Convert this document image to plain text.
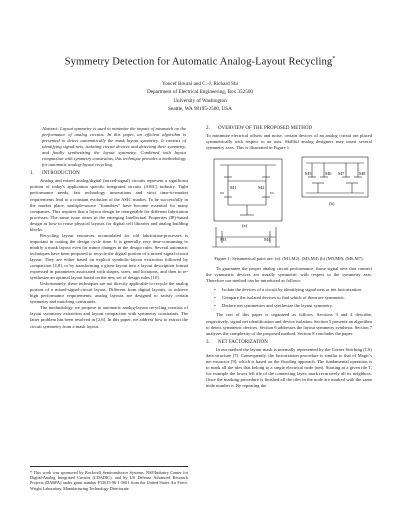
Symmetry Detection for Automatic Analog-Layout Recycling*
Youcef Bourai and C.-J. Richard Shi
Department of Electrical Engineering, Box 352500
University of Washington
Seattle, WA 98195-2500, USA
Abstract: Layout symmetry is used to minimize the impact of mismatch on the performance of analog circuits. In this paper, an efficient algorithm is presented to detect automatically the mask layout symmetry. It consists of identifying signal nets, isolating circuit devices and detecting their symmetry, and finally synthesizing the layout symmetry. Combined with layout compaction with symmetry constraints, this technique provides a methodology for automatic analog-layout recycling.
1. INTRODUCTION

Analog and mixed analog/digital (mixed-signal) circuits represent a significant portion of today's application specific integrated circuits (ASIC) industry. Tight performance needs, fast technology innovations and strict time-to-market requirements lead to a constant evolution of the ASIC market. To be successfully in the market place, multiple-source "foundries" have become essential for many companies. This requires that a layout design be retargetable for different fabrication processes. The same issue arises in the emerging Intellectual Properties (IP)-based design as how to reuse physical layouts for digital cell libraries and analog building blocks.

Recycling layout resources accumulated for old fabrication-processes is important in cutting the design cycle time. It is generally very time-consuming to modify a mask layout even for minor changes in the design rules. Several automatic techniques have been proposed to recycle the digital portion of a mixed-signal-circuit layout. They are either based on explicit symbolic-layout extraction followed by compaction [4,8], or by transforming a given layout into a layout description format expressed in parameters associated with shapes, sizes, and locations, and then to re-synthesize an optimal layout based on the new set of design rules [10].

Unfortunately, these techniques are not directly applicable to recycle the analog portion of a mixed-signal-circuit layout. Different from digital layouts, to achieve high performance requirements, analog layouts are designed to satisfy certain symmetry and matching constraints.

The methodology we propose to automatic analog-layout recycling consists of layout symmetry extraction and layout compaction with symmetry constraints. The latter problem has been resolved in [2,6]. In this paper, we address how to extract the circuit symmetry from a mask layout.

* This work was sponsored by Rockwell Semiconductor Systems, NSF/Industry Center for Digital-Analog Integrated Circuits (CDADIC), and by US Defense Advanced Research Projects (DARPA) under grant number F33615-96-1-5601 from the United States Air Force, Wright Laboratory, Manufacturing Technology Directorate.
2. OVERVIEW OF THE PROPOSED METHOD

To minimize electrical offsets and noise, certain devices of an analog circuit are placed symmetrically with respect to an axis. Skillful analog designers may insert several symmetry axes. This is illustrated in Figure 1.

M1	M2
M3	M4
M5	M6 M7	M8
(b)
(a)
Figure 1: Symmetrical pairs are: (a). (M1,M2), (M3,M4) (b) (M5,M8), (M6,M7).

To guarantee the proper analog circuit performance, those signal nets that connect the symmetric devices are usually symmetric with respect to the symmetry axis. Therefore our method can be introduced as follows:

• Isolate the devices of a circuit by identifying signal nets or net factorization.
• Compare the isolated devices to find which of them are symmetric.
• Deduce net symmetries and synthesize the layout symmetry.

The rest of this paper is organized as follows. Sections 3 and 4 describe, respectively, signal net identification and device isolation. Section 5 presents an algorithm to detect symmetric devices. Section 6 addresses the layout symmetry synthesis. Section 7 analyzes the complexity of the proposed method. Section 8 concludes the paper.

3. NET FACTORIZATION

In our method the layout mask is internally represented by the Corner Stitching (CS) data structure [7]. Consequently, the factorization procedure is similar to that of Magic's net extractor [9], which is based on the flooding approach. The fundamental operation is to mark all the tiles that belong to a single electrical node (net). Starting at a given tile T, for example the lower left tile of the connecting layer, mark recursively all its neighbors. Once the marking procedure is finished all the tiles in the node are marked with the same node number n. By repeating the
